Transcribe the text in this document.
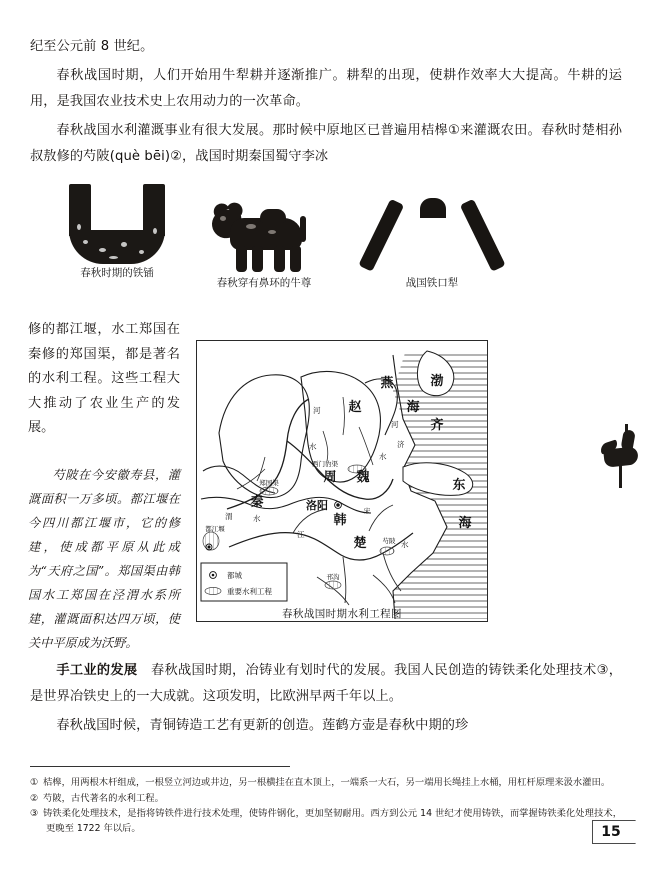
纪至公元前 8 世纪。

春秋战国时期，人们开始用牛犁耕并逐渐推广。耕犁的出现，使耕作效率大大提高。牛耕的运用，是我国农业技术史上农用动力的一次革命。

春秋战国水利灌溉事业有很大发展。那时候中原地区已普遍用桔槔①来灌溉农田。春秋时楚相孙叔敖修的芍陂(què bēi)②，战国时期秦国蜀守李冰

春秋时期的铁锸
春秋穿有鼻环的牛尊	战国铁口犁

修的都江堰，水工郑国在秦修的郑国渠，都是著名的水利工程。这些工程大大推动了农业生产的发展。

芍陂在今安徽寿县，灌溉面积一万多顷。都江堰在今四川都江堰市，它的修建，使成都平原从此成为“天府之国”。郑国渠由韩国水工郑国在泾渭水系所建，灌溉面积达四万顷，使关中平原成为沃野。

燕
赵
齐
秦
周 魏
韩
宋
楚
渤
海
东
海
洛阳
河
水
河
水
济
渭	水
江
水
西门豹渠
郑国渠
都江堰
邗沟
芍陂
都城
重要水利工程
春秋战国时期水利工程图

手工业的发展　 春秋战国时期，冶铸业有划时代的发展。我国人民创造的铸铁柔化处理技术③，是世界冶铁史上的一大成就。这项发明，比欧洲早两千年以上。

春秋战国时候，青铜铸造工艺有更新的创造。莲鹤方壶是春秋中期的珍

① 桔槔，用两根木杆组成，一根竖立河边或井边，另一根横挂在直木顶上，一端系一大石，另一端用长绳挂上水桶，用杠杆原理来汲水灌田。

② 芍陂，古代著名的水利工程。

③ 铸铁柔化处理技术，是指将铸铁件进行技术处理，使铸件钢化，更加坚韧耐用。西方到公元 14 世纪才使用铸铁，而掌握铸铁柔化处理技术，更晚至 1722 年以后。	15
